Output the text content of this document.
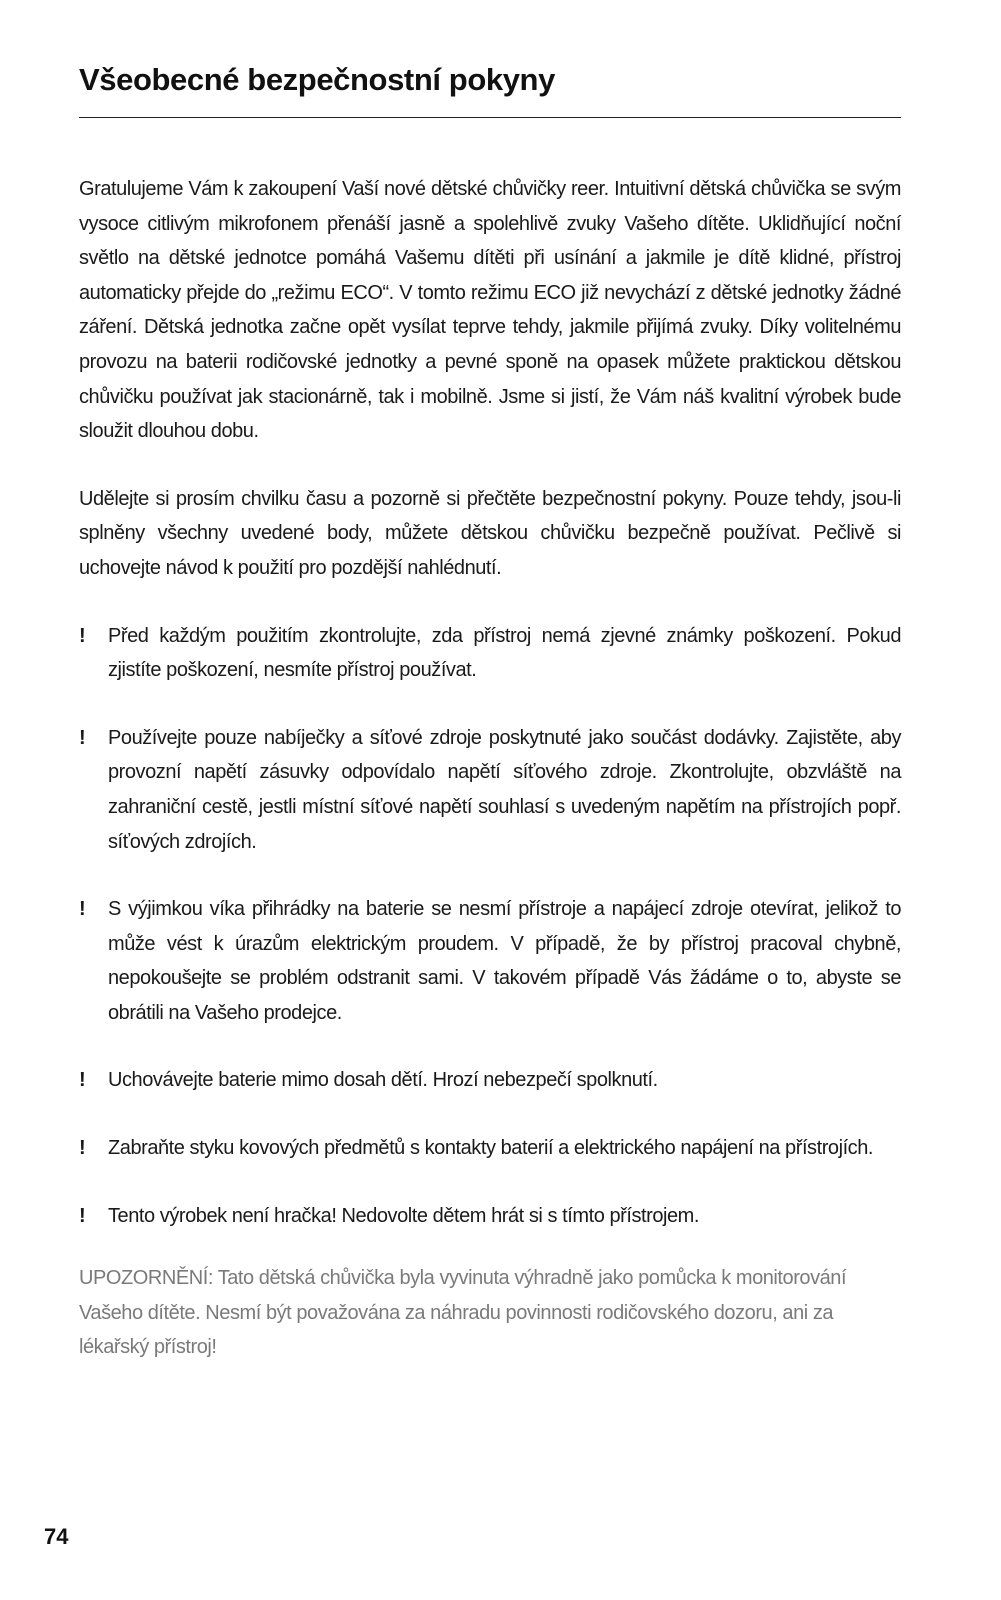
Všeobecné bezpečnostní pokyny

Gratulujeme Vám k zakoupení Vaší nové dětské chůvičky reer. Intuitivní dětská chůvička se svým vysoce citlivým mikrofonem přenáší jasně a spolehlivě zvuky Vašeho dítěte. Uklidňující noční světlo na dětské jednotce pomáhá Vašemu dítěti při usínání a jakmile je dítě klidné, přístroj automaticky přejde do „režimu ECO“. V tomto režimu ECO již nevychází z dětské jednotky žádné záření. Dětská jednotka začne opět vysílat teprve tehdy, jakmile přijímá zvuky. Díky volitelnému provozu na baterii rodičovské jednotky a pevné sponě na opasek můžete praktickou dětskou chůvičku používat jak stacionárně, tak i mobilně. Jsme si jistí, že Vám náš kvalitní výrobek bude sloužit dlouhou dobu.

Udělejte si prosím chvilku času a pozorně si přečtěte bezpečnostní pokyny. Pouze tehdy, jsou-li splněny všechny uvedené body, můžete dětskou chůvičku bezpečně používat. Pečlivě si uchovejte návod k použití pro pozdější nahlédnutí.

!	Před každým použitím zkontrolujte, zda přístroj nemá zjevné známky poškození. Pokud zjistíte poškození, nesmíte přístroj používat.
!	Používejte pouze nabíječky a síťové zdroje poskytnuté jako součást dodávky. Zajistěte, aby provozní napětí zásuvky odpovídalo napětí síťového zdroje. Zkontrolujte, obzvláště na zahraniční cestě, jestli místní síťové napětí souhlasí s uvedeným napětím na přístrojích popř. síťových zdrojích.
!	S výjimkou víka přihrádky na baterie se nesmí přístroje a napájecí zdroje otevírat, jelikož to může vést k úrazům elektrickým proudem. V případě, že by přístroj pracoval chybně, nepokoušejte se problém odstranit sami. V takovém případě Vás žádáme o to, abyste se obrátili na Vašeho prodejce.
!	Uchovávejte baterie mimo dosah dětí. Hrozí nebezpečí spolknutí.
!	Zabraňte styku kovových předmětů s kontakty baterií a elektrického napájení na přístrojích.
!	Tento výrobek není hračka! Nedovolte dětem hrát si s tímto přístrojem.

UPOZORNĚNÍ: Tato dětská chůvička byla vyvinuta výhradně jako pomůcka k monitorování Vašeho dítěte. Nesmí být považována za náhradu povinnosti rodičovského dozoru, ani za lékařský přístroj!

74
